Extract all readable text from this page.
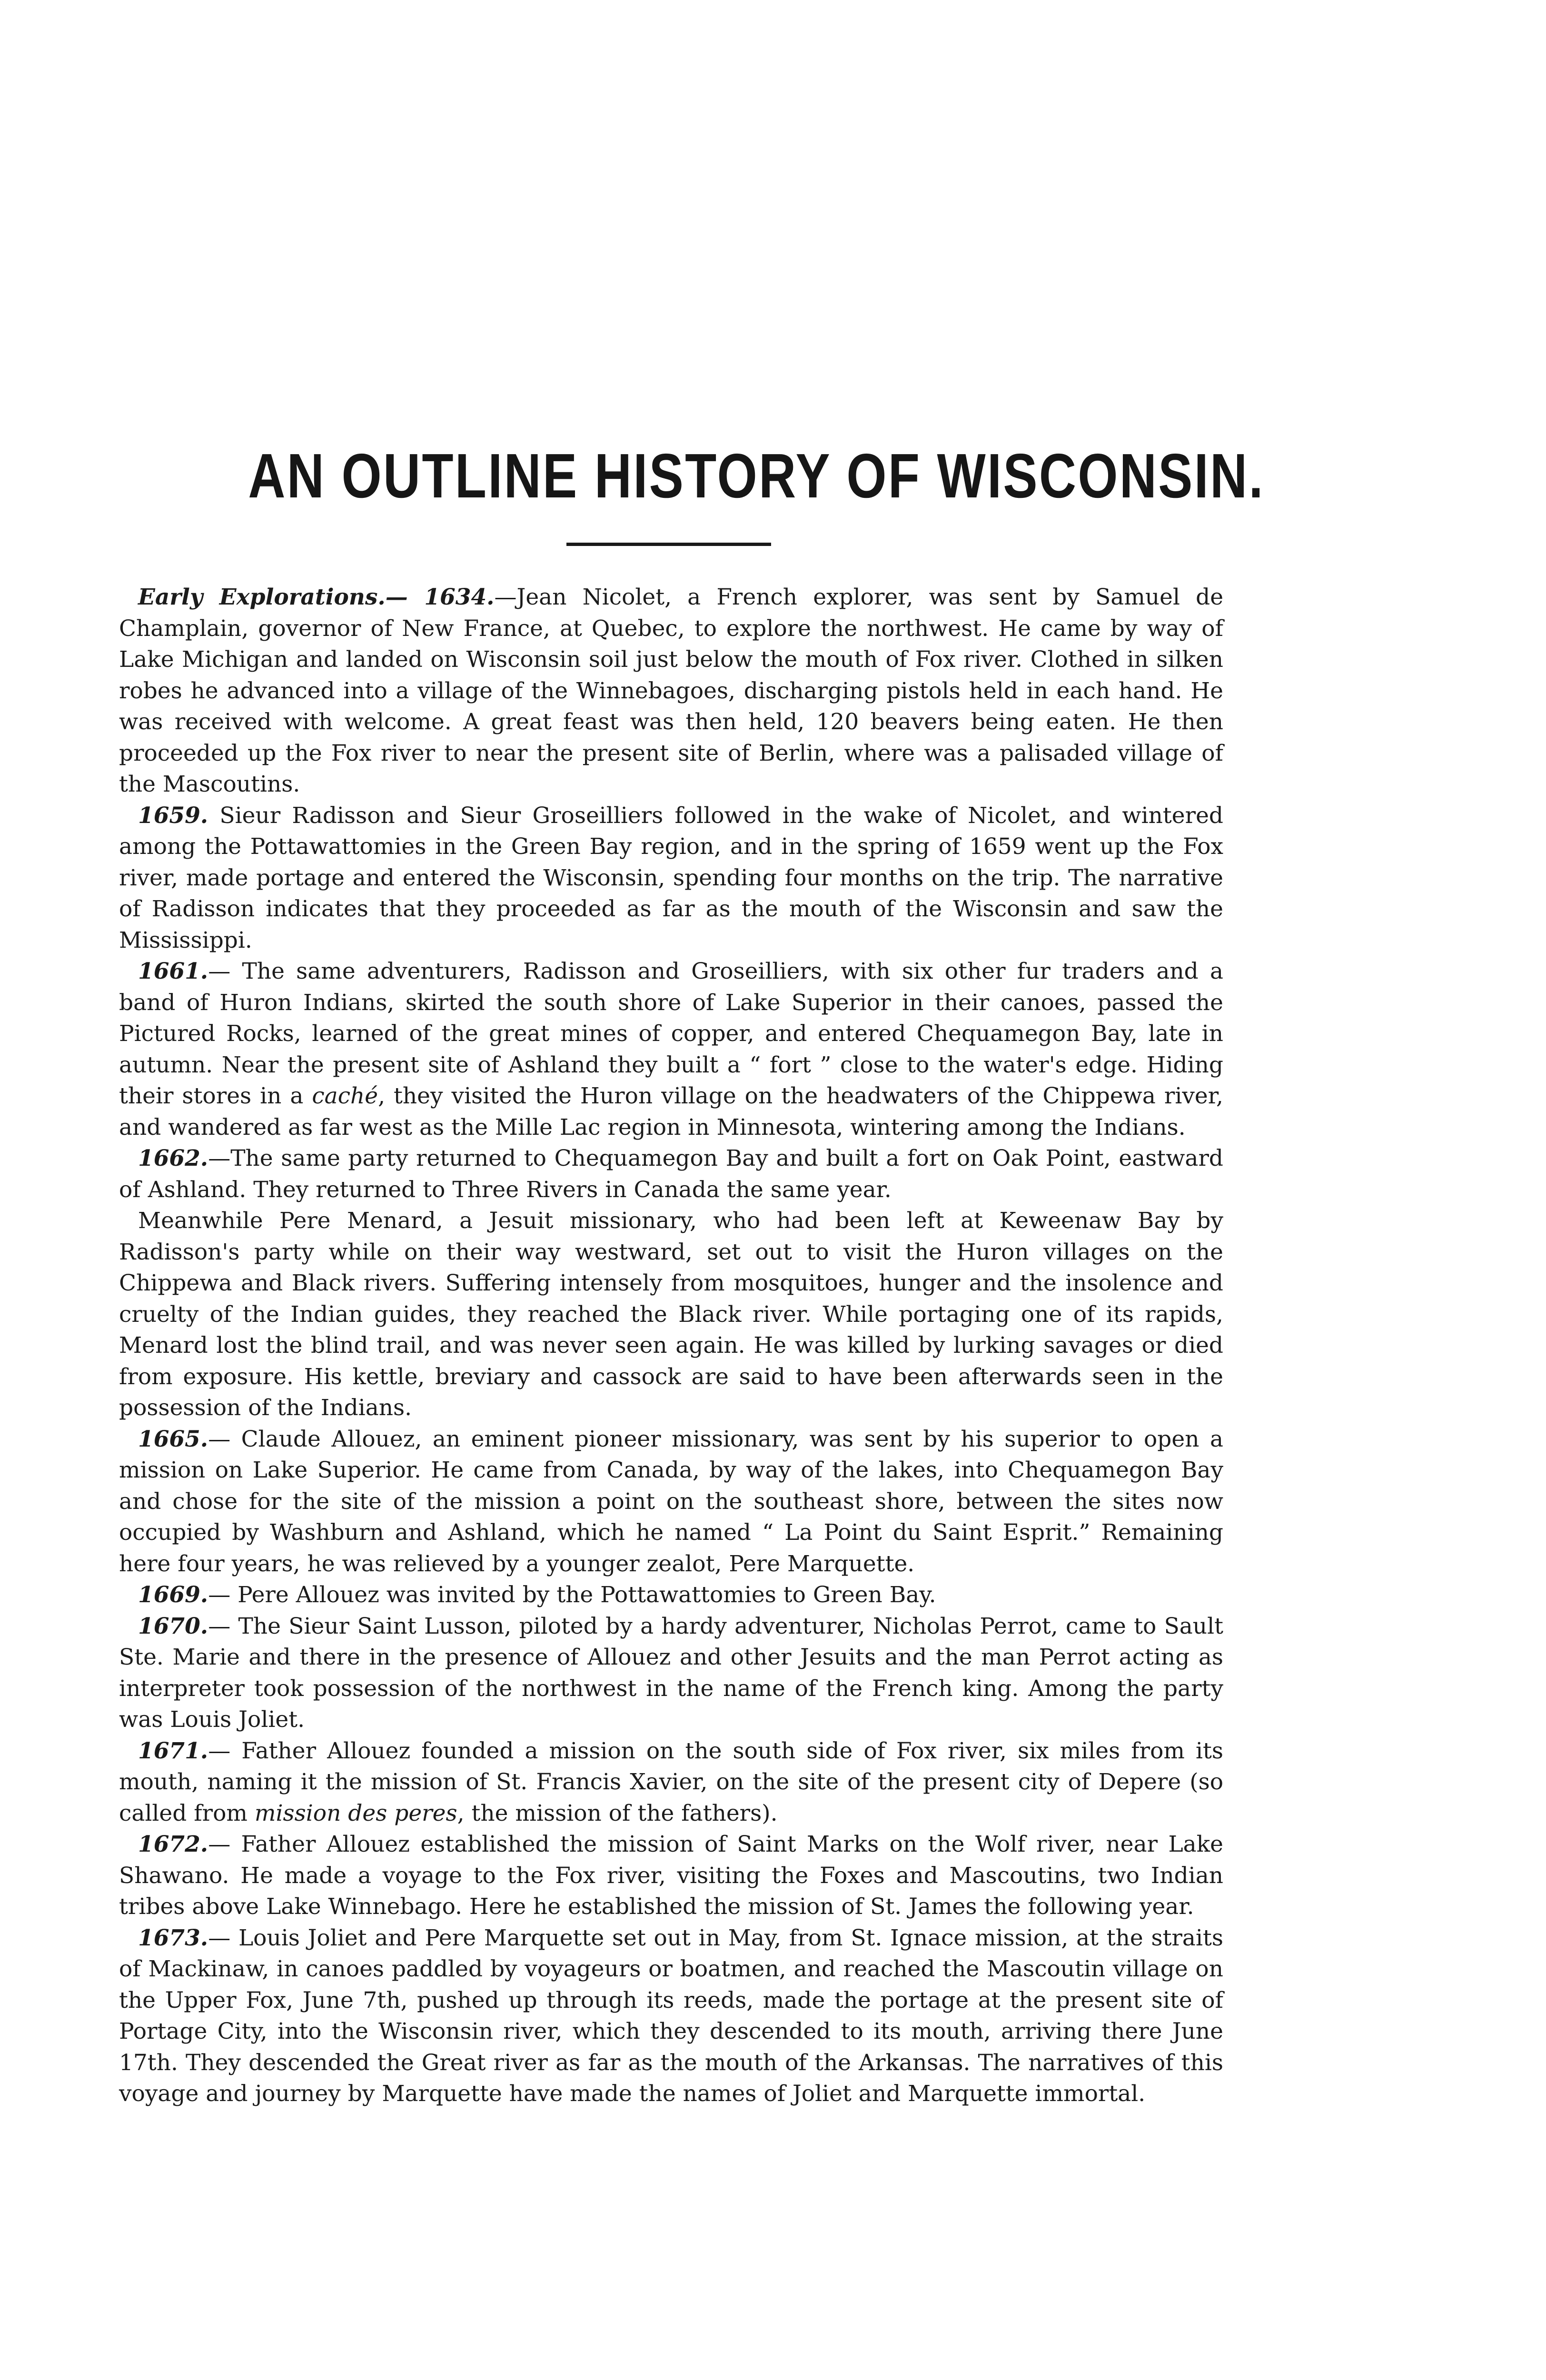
AN OUTLINE HISTORY OF WISCONSIN.

Early Explorations.— 1634.—Jean Nicolet, a French explorer, was sent by Samuel de Champlain, governor of New France, at Quebec, to explore the northwest. He came by way of Lake Michigan and landed on Wisconsin soil just below the mouth of Fox river. Clothed in silken robes he advanced into a village of the Winnebagoes, discharging pistols held in each hand. He was received with welcome. A great feast was then held, 120 beavers being eaten. He then proceeded up the Fox river to near the present site of Berlin, where was a palisaded village of the Mascoutins.

1659. Sieur Radisson and Sieur Groseilliers followed in the wake of Nicolet, and wintered among the Pottawattomies in the Green Bay region, and in the spring of 1659 went up the Fox river, made portage and entered the Wisconsin, spending four months on the trip. The narrative of Radisson indicates that they proceeded as far as the mouth of the Wisconsin and saw the Mississippi.

1661.— The same adventurers, Radisson and Groseilliers, with six other fur traders and a band of Huron Indians, skirted the south shore of Lake Superior in their canoes, passed the Pictured Rocks, learned of the great mines of copper, and entered Chequamegon Bay, late in autumn. Near the present site of Ashland they built a “ fort ” close to the water's edge. Hiding their stores in a caché, they visited the Huron village on the headwaters of the Chippewa river, and wandered as far west as the Mille Lac region in Minnesota, wintering among the Indians.

1662.—The same party returned to Chequamegon Bay and built a fort on Oak Point, eastward of Ashland. They returned to Three Rivers in Canada the same year.

Meanwhile Pere Menard, a Jesuit missionary, who had been left at Keweenaw Bay by Radisson's party while on their way westward, set out to visit the Huron villages on the Chippewa and Black rivers. Suffering intensely from mosquitoes, hunger and the insolence and cruelty of the Indian guides, they reached the Black river. While portaging one of its rapids, Menard lost the blind trail, and was never seen again. He was killed by lurking savages or died from exposure. His kettle, breviary and cassock are said to have been afterwards seen in the possession of the Indians.

1665.— Claude Allouez, an eminent pioneer missionary, was sent by his superior to open a mission on Lake Superior. He came from Canada, by way of the lakes, into Chequamegon Bay and chose for the site of the mission a point on the southeast shore, between the sites now occupied by Washburn and Ashland, which he named “ La Point du Saint Esprit.” Remaining here four years, he was relieved by a younger zealot, Pere Marquette.

1669.— Pere Allouez was invited by the Pottawattomies to Green Bay.

1670.— The Sieur Saint Lusson, piloted by a hardy adventurer, Nicholas Perrot, came to Sault Ste. Marie and there in the presence of Allouez and other Jesuits and the man Perrot acting as interpreter took possession of the northwest in the name of the French king. Among the party was Louis Joliet.

1671.— Father Allouez founded a mission on the south side of Fox river, six miles from its mouth, naming it the mission of St. Francis Xavier, on the site of the present city of Depere (so called from mission des peres, the mission of the fathers).

1672.— Father Allouez established the mission of Saint Marks on the Wolf river, near Lake Shawano. He made a voyage to the Fox river, visiting the Foxes and Mascoutins, two Indian tribes above Lake Winnebago. Here he established the mission of St. James the following year.

1673.— Louis Joliet and Pere Marquette set out in May, from St. Ignace mission, at the straits of Mackinaw, in canoes paddled by voyageurs or boatmen, and reached the Mascoutin village on the Upper Fox, June 7th, pushed up through its reeds, made the portage at the present site of Portage City, into the Wisconsin river, which they descended to its mouth, arriving there June 17th. They descended the Great river as far as the mouth of the Arkansas. The narratives of this voyage and journey by Marquette have made the names of Joliet and Marquette immortal.
